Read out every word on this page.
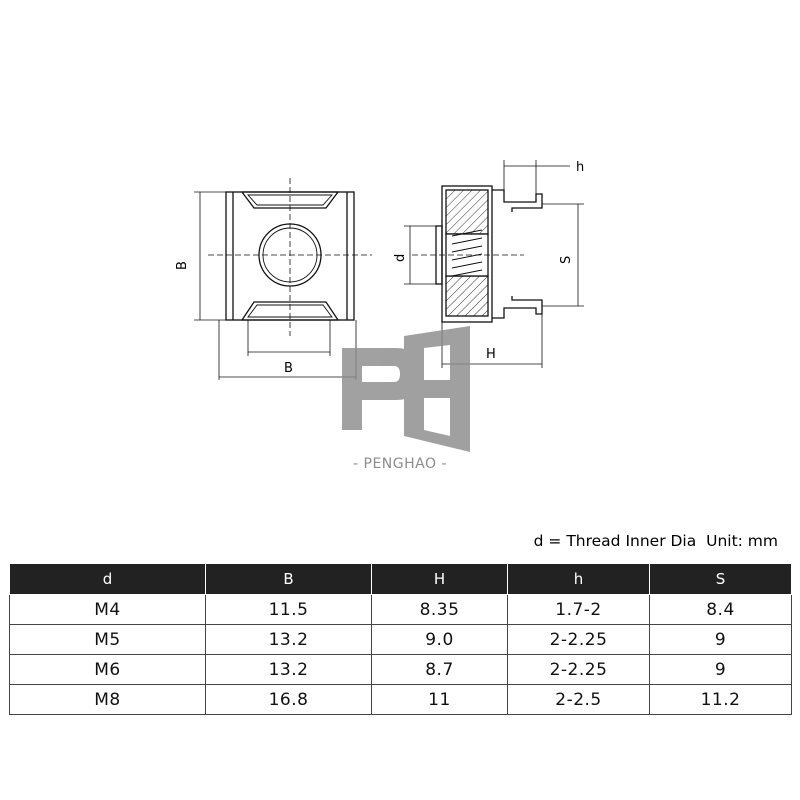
B
B
d	S
H
h
- PENGHAO -
d = Thread Inner Dia  Unit: mm
d	B	H	h	S
M4	11.5	8.35	1.7-2	8.4
M5	13.2	9.0	2-2.25	9
M6	13.2	8.7	2-2.25	9
M8	16.8	11	2-2.5	11.2
